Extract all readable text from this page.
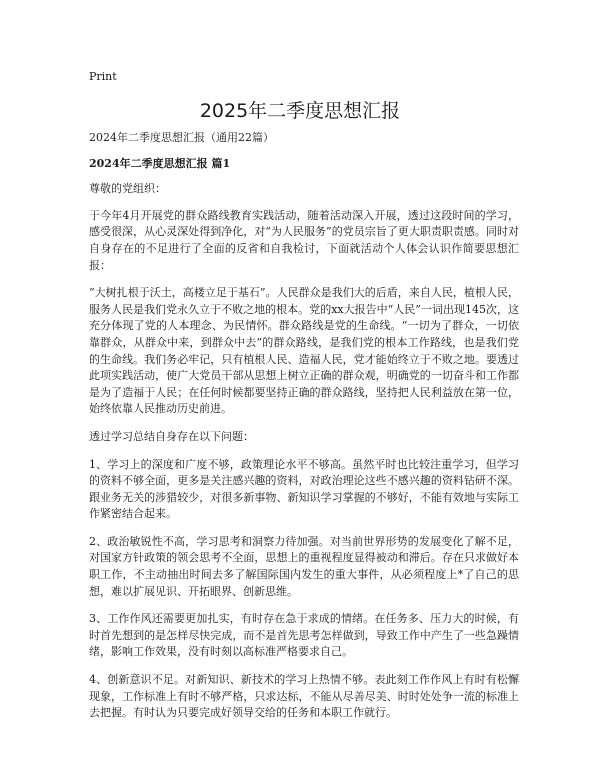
Print
2025年二季度思想汇报

2024年二季度思想汇报（通用22篇）

2024年二季度思想汇报 篇1

尊敬的党组织：

于今年4月开展党的群众路线教育实践活动，随着活动深入开展，透过这段时间的学习，感受很深，从心灵深处得到净化，对“为人民服务”的党员宗旨了更大职责职责感。同时对自身存在的不足进行了全面的反省和自我检讨，下面就活动个人体会认识作简要思想汇报：

“大树扎根于沃土，高楼立足于基石”。人民群众是我们大的后盾，来自人民，植根人民，服务人民是我们党永久立于不败之地的根本。党的xx大报告中“人民”一词出现145次，这充分体现了党的人本理念、为民情怀。群众路线是党的生命线。“一切为了群众，一切依靠群众，从群众中来，到群众中去”的群众路线，是我们党的根本工作路线，也是我们党的生命线。我们务必牢记，只有植根人民、造福人民，党才能始终立于不败之地。要透过此项实践活动，使广大党员干部从思想上树立正确的群众观，明确党的一切奋斗和工作都是为了造福于人民；在任何时候都要坚持正确的群众路线，坚持把人民利益放在第一位，始终依靠人民推动历史前进。

透过学习总结自身存在以下问题：

1、学习上的深度和广度不够，政策理论水平不够高。虽然平时也比较注重学习，但学习的资料不够全面，更多是关注感兴趣的资料，对政治理论这些不感兴趣的资料钻研不深。跟业务无关的涉猎较少，对很多新事物、新知识学习掌握的不够好，不能有效地与实际工作紧密结合起来。

2、政治敏锐性不高，学习思考和洞察力待加强。对当前世界形势的发展变化了解不足，对国家方针政策的领会思考不全面，思想上的重视程度显得被动和滞后。存在只求做好本职工作，不主动抽出时间去多了解国际国内发生的重大事件，从必须程度上*了自己的思想，难以扩展见识、开拓眼界、创新思维。

3、工作作风还需要更加扎实，有时存在急于求成的情绪。在任务多、压力大的时候，有时首先想到的是怎样尽快完成，而不是首先思考怎样做到，导致工作中产生了一些急躁情绪，影响工作效果，没有时刻以高标准严格要求自己。

4、创新意识不足。对新知识、新技术的学习上热情不够。表此刻工作作风上有时有松懈现象，工作标准上有时不够严格，只求达标，不能从尽善尽美、时时处处争一流的标准上去把握。有时认为只要完成好领导交给的任务和本职工作就行。
